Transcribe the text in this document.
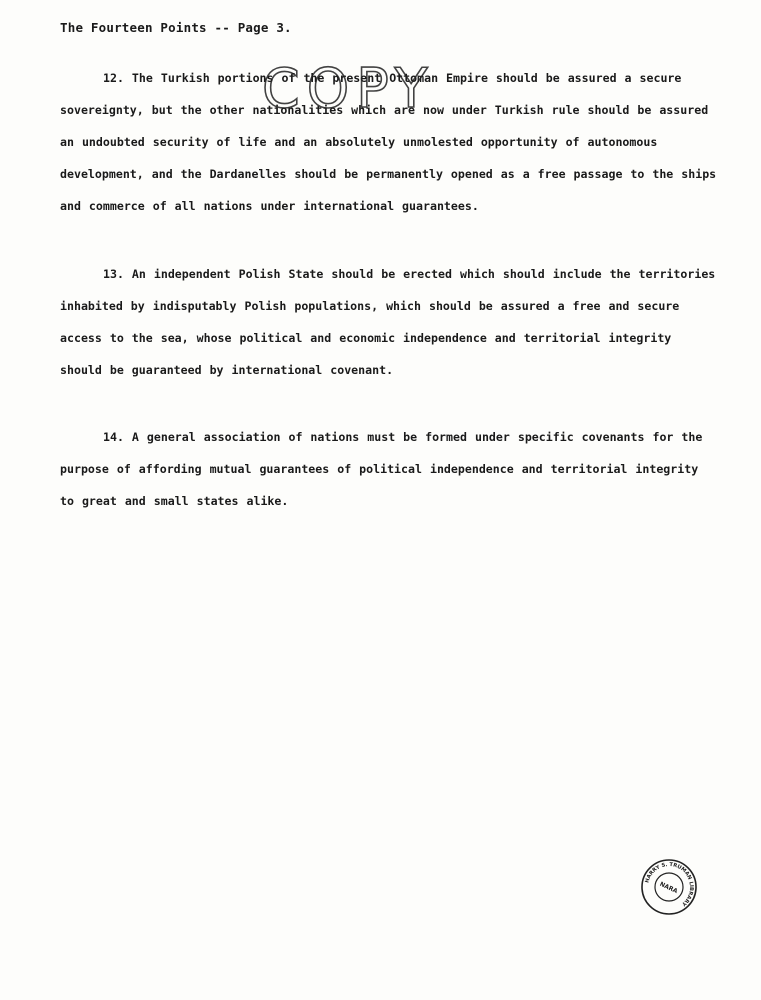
The Fourteen Points -- Page 3.

12. The Turkish portions of the present Ottoman Empire should be assured a secure sovereignty, but the other nationalities which are now under Turkish rule should be assured an undoubted security of life and an absolutely unmolested opportunity of autonomous development, and the Dardanelles should be permanently opened as a free passage to the ships and commerce of all nations under international guarantees.

13. An independent Polish State should be erected which should include the territories inhabited by indisputably Polish populations, which should be assured a free and secure access to the sea, whose political and economic independence and territorial integrity should be guaranteed by international covenant.

14. A general association of nations must be formed under specific covenants for the purpose of affording mutual guarantees of political independence and territorial integrity to great and small states alike.

COPY
HARRY S. TRUMAN LIBRARY
NARA
